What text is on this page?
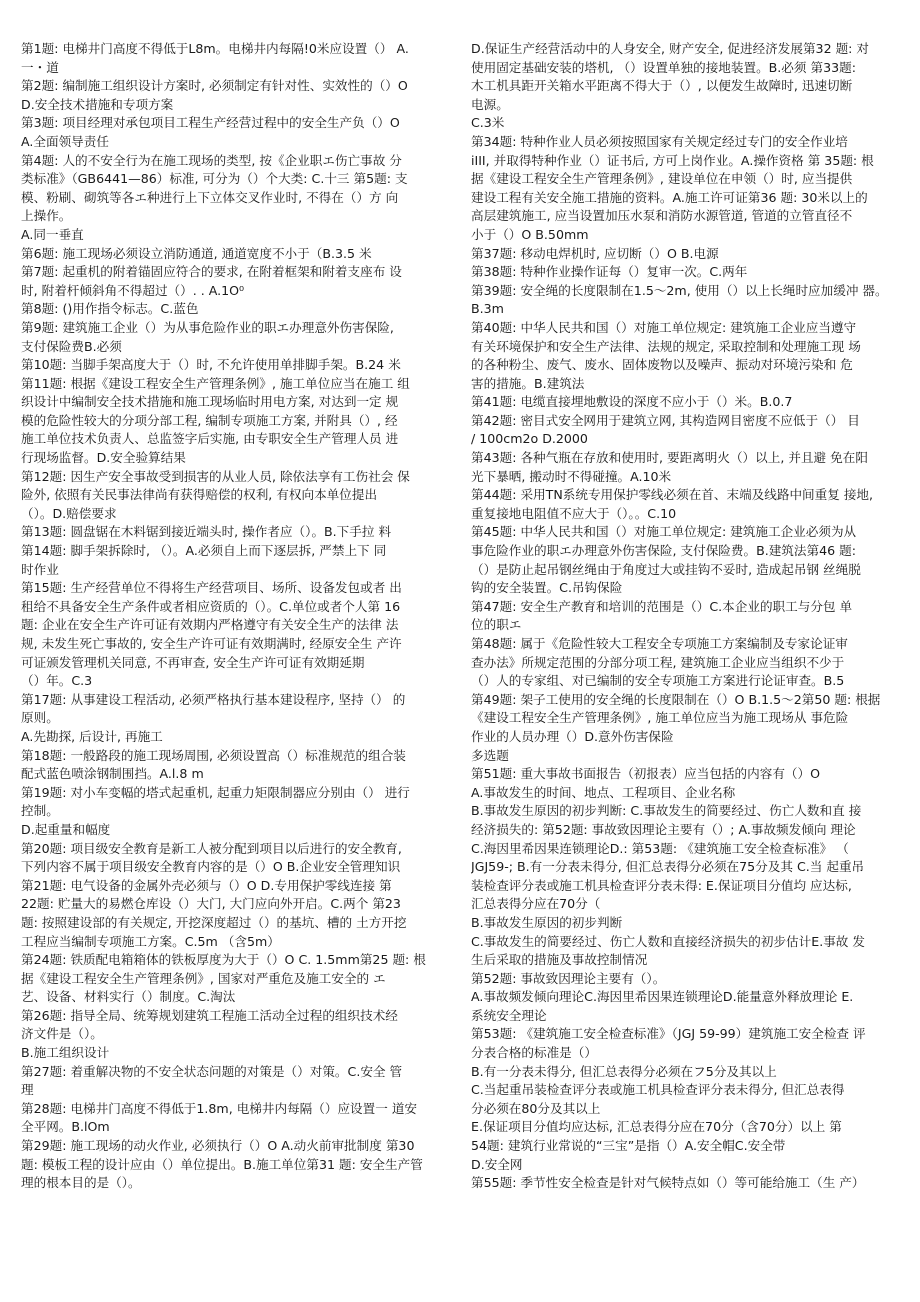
第1题: 电梯井门高度不得低于L8m。电梯井内每隔!0米应设置（） A.
一・道
第2题: 编制施工组织设计方案时, 必须制定有针对性、实效性的（）O
D.安全技术措施和专项方案
第3题: 项目经理对承包项目工程生产经营过程中的安全生产负（）O
A.全面领导责任
第4题: 人的不安全行为在施工现场的类型, 按《企业职エ伤亡事故 分
类标准》（GB6441—86）标准, 可分为（）个大类: C.十三 第5题: 支
模、粉刷、砌筑等各エ种进行上下立体交叉作业时, 不得在（）方 向
上操作。
A.同一垂直
第6题: 施工现场必须设立消防通道, 通道宽度不小于（B.3.5 米
第7题: 起重机的附着锚固应符合的要求, 在附着框架和附着支座布 设
时, 附着杆倾斜角不得超过（）. . A.1O⁰
第8题: ()用作指令标志。C.蓝色
第9题: 建筑施工企业（）为从事危险作业的职エ办理意外伤害保险,
支付保险费B.必须
第10题: 当脚手架高度大于（）时, 不允许使用单排脚手架。B.24 米
第11题: 根据《建设工程安全生产管理条例》, 施工单位应当在施工 组
织设计中编制安全技术措施和施工现场临时用电方案, 对达到一定 规
模的危险性较大的分项分部工程, 编制专项施工方案, 并附具（）, 经
施工单位技术负责人、总监签字后实施, 由专职安全生产管理人员 进
行现场监督。D.安全验算结果
第12题: 因生产安全事故受到损害的从业人员, 除依法享有工伤社会 保
险外, 依照有关民事法律尚有获得赔偿的权利, 有权向本单位提出
（）。D.赔偿要求
第13题: 圆盘锯在木料锯到接近端头时, 操作者应（）。B.下手拉 料
第14题: 脚手架拆除时, （）。A.必须自上而下逐层拆, 严禁上下 同
时作业
第15题: 生产经营单位不得将生产经营项目、场所、设备发包或者 出
租给不具备安全生产条件或者相应资质的（）。C.单位或者个人第 16
题: 企业在安全生产许可证有效期内严格遵守有关安全生产的法律 法
规, 未发生死亡事故的, 安全生产许可证有效期满时, 经原安全生 产许
可证颁发管理机关同意, 不再审查, 安全生产许可证有效期延期
（）年。C.3
第17题: 从事建设工程活动, 必须严格执行基本建设程序, 坚持（） 的
原则。
A.先勘探, 后设计, 再施工
第18题: 一般路段的施工现场周围, 必须设置高（）标准规范的组合装
配式蓝色喷涂钢制围挡。A.l.8 m
第19题: 对小车变幅的塔式起重机, 起重力矩限制器应分别由（） 进行
控制。
D.起重量和幅度
第20题: 项目级安全教育是新工人被分配到项目以后进行的安全教育,
下列内容不属于项目级安全教育内容的是（）O B.企业安全管理知识
第21题: 电气设备的金属外壳必须与（）O D.专用保护零线连接 第
22题: 贮量大的易燃仓库设（）大门, 大门应向外开启。C.两个 第23
题: 按照建设部的有关规定, 开挖深度超过（）的基坑、槽的 土方开挖
工程应当编制专项施工方案。C.5m （含5m）
第24题: 铁质配电箱箱体的铁板厚度为大于（）O C. 1.5mm第25 题: 根
据《建设工程安全生产管理条例》, 国家对严重危及施工安全的 エ
艺、设备、材料实行（）制度。C.淘汰
第26题: 指导全局、统筹规划建筑工程施工活动全过程的组织技术经
济文件是（）。
B.施工组织设计
第27题: 着重解决物的不安全状态问题的对策是（）对策。C.安全 管
理
第28题: 电梯井门高度不得低于1.8m, 电梯井内每隔（）应设置一 道安
全平网。B.lOm
第29题: 施工现场的动火作业, 必须执行（）O A.动火前审批制度 第30
题: 模板工程的设计应由（）单位提出。B.施工单位第31 题: 安全生产管
理的根本目的是（）。
D.保证生产经营活动中的人身安全, 财产安全, 促进经济发展第32 题: 对
使用固定基础安装的塔机, （）设置单独的接地装置。B.必须 第33题:
木工机具距开关箱水平距离不得大于（）, 以便发生故障时, 迅速切断
电源。
C.3米
第34题: 特种作业人员必须按照国家有关规定经过专门的安全作业培
iIII, 并取得特种作业（）证书后, 方可上岗作业。A.操作资格 第 35题: 根
据《建设工程安全生产管理条例》, 建设单位在申领（）时, 应当提供
建设工程有关安全施工措施的资料。A.施工许可证第36 题: 30米以上的
高层建筑施工, 应当设置加压水泵和消防水源管道, 管道的立管直径不
小于（）O B.50mm
第37题: 移动电焊机时, 应切断（）O B.电源
第38题: 特种作业操作证每（）复审一次。C.两年
第39题: 安全绳的长度限制在1.5～2m, 使用（）以上长绳时应加缓冲 器。
B.3m
第40题: 中华人民共和国（）对施工单位规定: 建筑施工企业应当遵守
有关环境保护和安全生产法律、法规的规定, 采取控制和处理施工现 场
的各种粉尘、废气、废水、固体废物以及噪声、振动对环境污染和 危
害的措施。B.建筑法
第41题: 电缆直接埋地敷设的深度不应小于（）米。B.0.7
第42题: 密目式安全网用于建筑立网, 其构造网目密度不应低于（） 目
/ 100cm2o D.2000
第43题: 各种气瓶在存放和使用时, 要距离明火（）以上, 并且避 免在阳
光下暴晒, 搬动时不得碰撞。A.10米
第44题: 采用TN系统专用保护零线必须在首、末端及线路中间重复 接地,
重复接地电阻值不应大于（）。。C.10
第45题: 中华人民共和国（）对施工单位规定: 建筑施工企业必须为从
事危险作业的职エ办理意外伤害保险, 支付保险费。B.建筑法第46 题:
（）是防止起吊钢丝绳由于角度过大或挂钩不妥时, 造成起吊钢 丝绳脱
钩的安全装置。C.吊钩保险
第47题: 安全生产教育和培训的范围是（）C.本企业的职工与分包 单
位的职エ
第48题: 属于《危险性较大工程安全专项施工方案编制及专家论证审
查办法》所规定范围的分部分项工程, 建筑施工企业应当组织不少于
（）人的专家组、对已编制的安全专项施工方案进行论证审查。B.5
第49题: 架子工使用的安全绳的长度限制在（）O B.1.5～2第50 题: 根据
《建设工程安全生产管理条例》, 施工单位应当为施工现场从 事危险
作业的人员办理（）D.意外伤害保险
多选题
第51题: 重大事故书面报告（初报表）应当包括的内容有（）O
A.事故发生的时间、地点、工程项目、企业名称
B.事故发生原因的初步判断: C.事故发生的简要经过、伤亡人数和直 接
经济损失的: 第52题: 事故致因理论主要有（）; A.事故频发倾向 理论
C.海因里希因果连锁理论D.: 第53题: 《建筑施工安全检查标准》 （
JGJ59-; B.有一分表未得分, 但汇总表得分必须在75分及其 C.当 起重吊
装检查评分表或施工机具检查评分表未得: E.保证项目分值均 应达标,
汇总表得分应在70分（
B.事故发生原因的初步判断
C.事故发生的简要经过、伤亡人数和直接经济损失的初步估计E.事故 发
生后采取的措施及事故控制情况
第52题: 事故致因理论主要有（）。
A.事故频发倾向理论C.海因里希因果连锁理论D.能量意外释放理论 E.
系统安全理论
第53题: 《建筑施工安全检查标准》（JGJ 59-99）建筑施工安全检查 评
分表合格的标准是（）
B.有一分表未得分, 但汇总表得分必须在フ5分及其以上
C.当起重吊装检查评分表或施工机具检查评分表未得分, 但汇总表得
分必须在80分及其以上
E.保证项目分值均应达标, 汇总表得分应在70分（含70分）以上 第
54题: 建筑行业常说的“三宝”是指（）A.安全帽C.安全带
D.安全网
第55题: 季节性安全检查是针对气候特点如（）等可能给施工（生 产）
